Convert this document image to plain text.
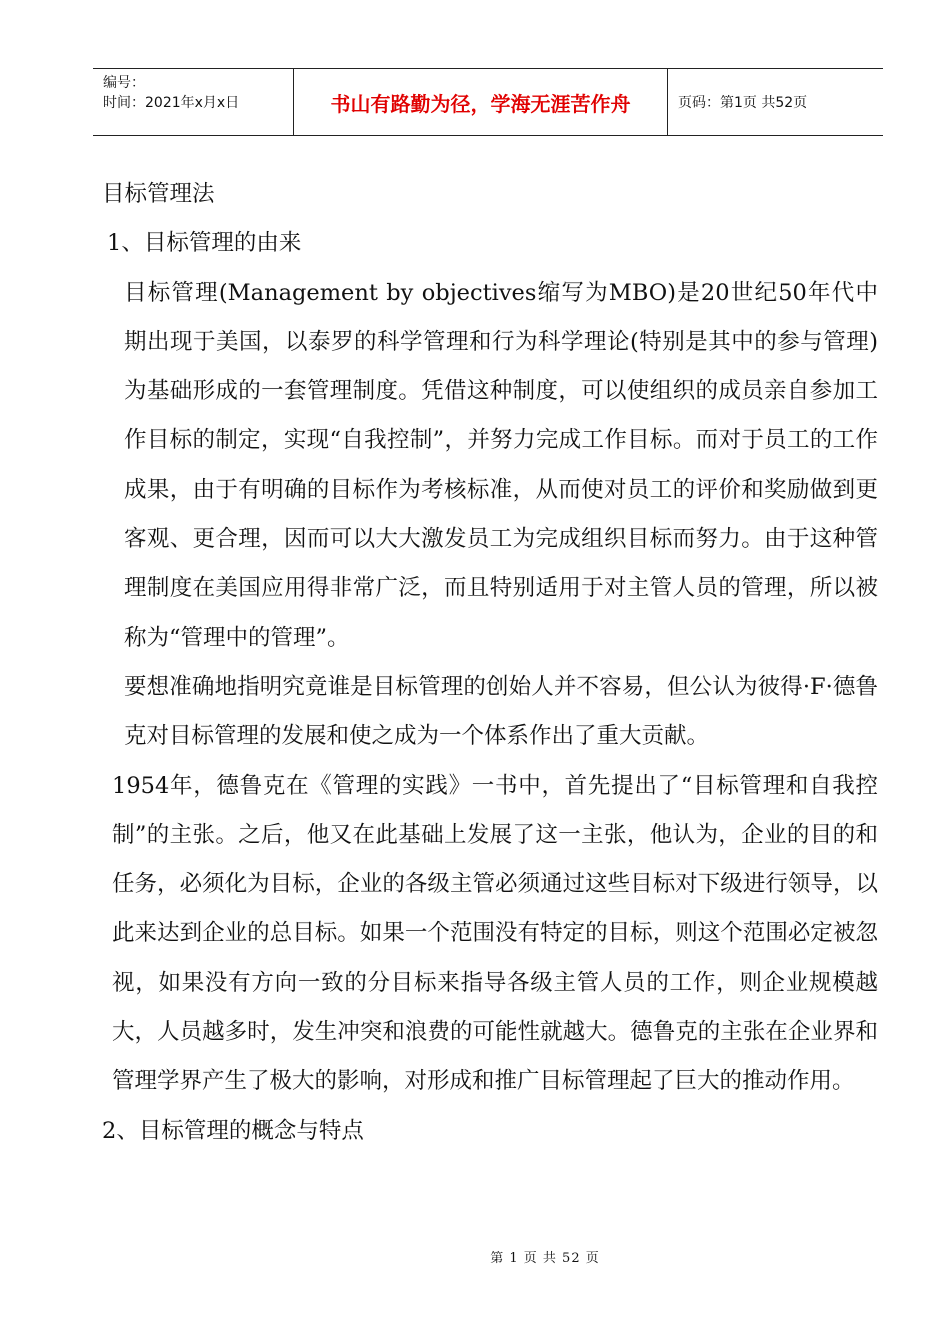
编号：
时间：2021年x月x日	书山有路勤为径，学海无涯苦作舟	页码：第1页 共52页

目标管理法

1、目标管理的由来

目标管理(Management by objectives缩写为MBO)是20世纪50年代中期出现于美国，以泰罗的科学管理和行为科学理论(特别是其中的参与管理)为基础形成的一套管理制度。凭借这种制度，可以使组织的成员亲自参加工作目标的制定，实现“自我控制”，并努力完成工作目标。而对于员工的工作成果，由于有明确的目标作为考核标准，从而使对员工的评价和奖励做到更客观、更合理，因而可以大大激发员工为完成组织目标而努力。由于这种管理制度在美国应用得非常广泛，而且特别适用于对主管人员的管理，所以被称为“管理中的管理”。

要想准确地指明究竟谁是目标管理的创始人并不容易，但公认为彼得·F·德鲁克对目标管理的发展和使之成为一个体系作出了重大贡献。

1954年，德鲁克在《管理的实践》一书中，首先提出了“目标管理和自我控制”的主张。之后，他又在此基础上发展了这一主张，他认为，企业的目的和任务，必须化为目标，企业的各级主管必须通过这些目标对下级进行领导，以此来达到企业的总目标。如果一个范围没有特定的目标，则这个范围必定被忽视，如果没有方向一致的分目标来指导各级主管人员的工作，则企业规模越大，人员越多时，发生冲突和浪费的可能性就越大。德鲁克的主张在企业界和管理学界产生了极大的影响，对形成和推广目标管理起了巨大的推动作用。

2、目标管理的概念与特点

第 1 页 共 52 页
